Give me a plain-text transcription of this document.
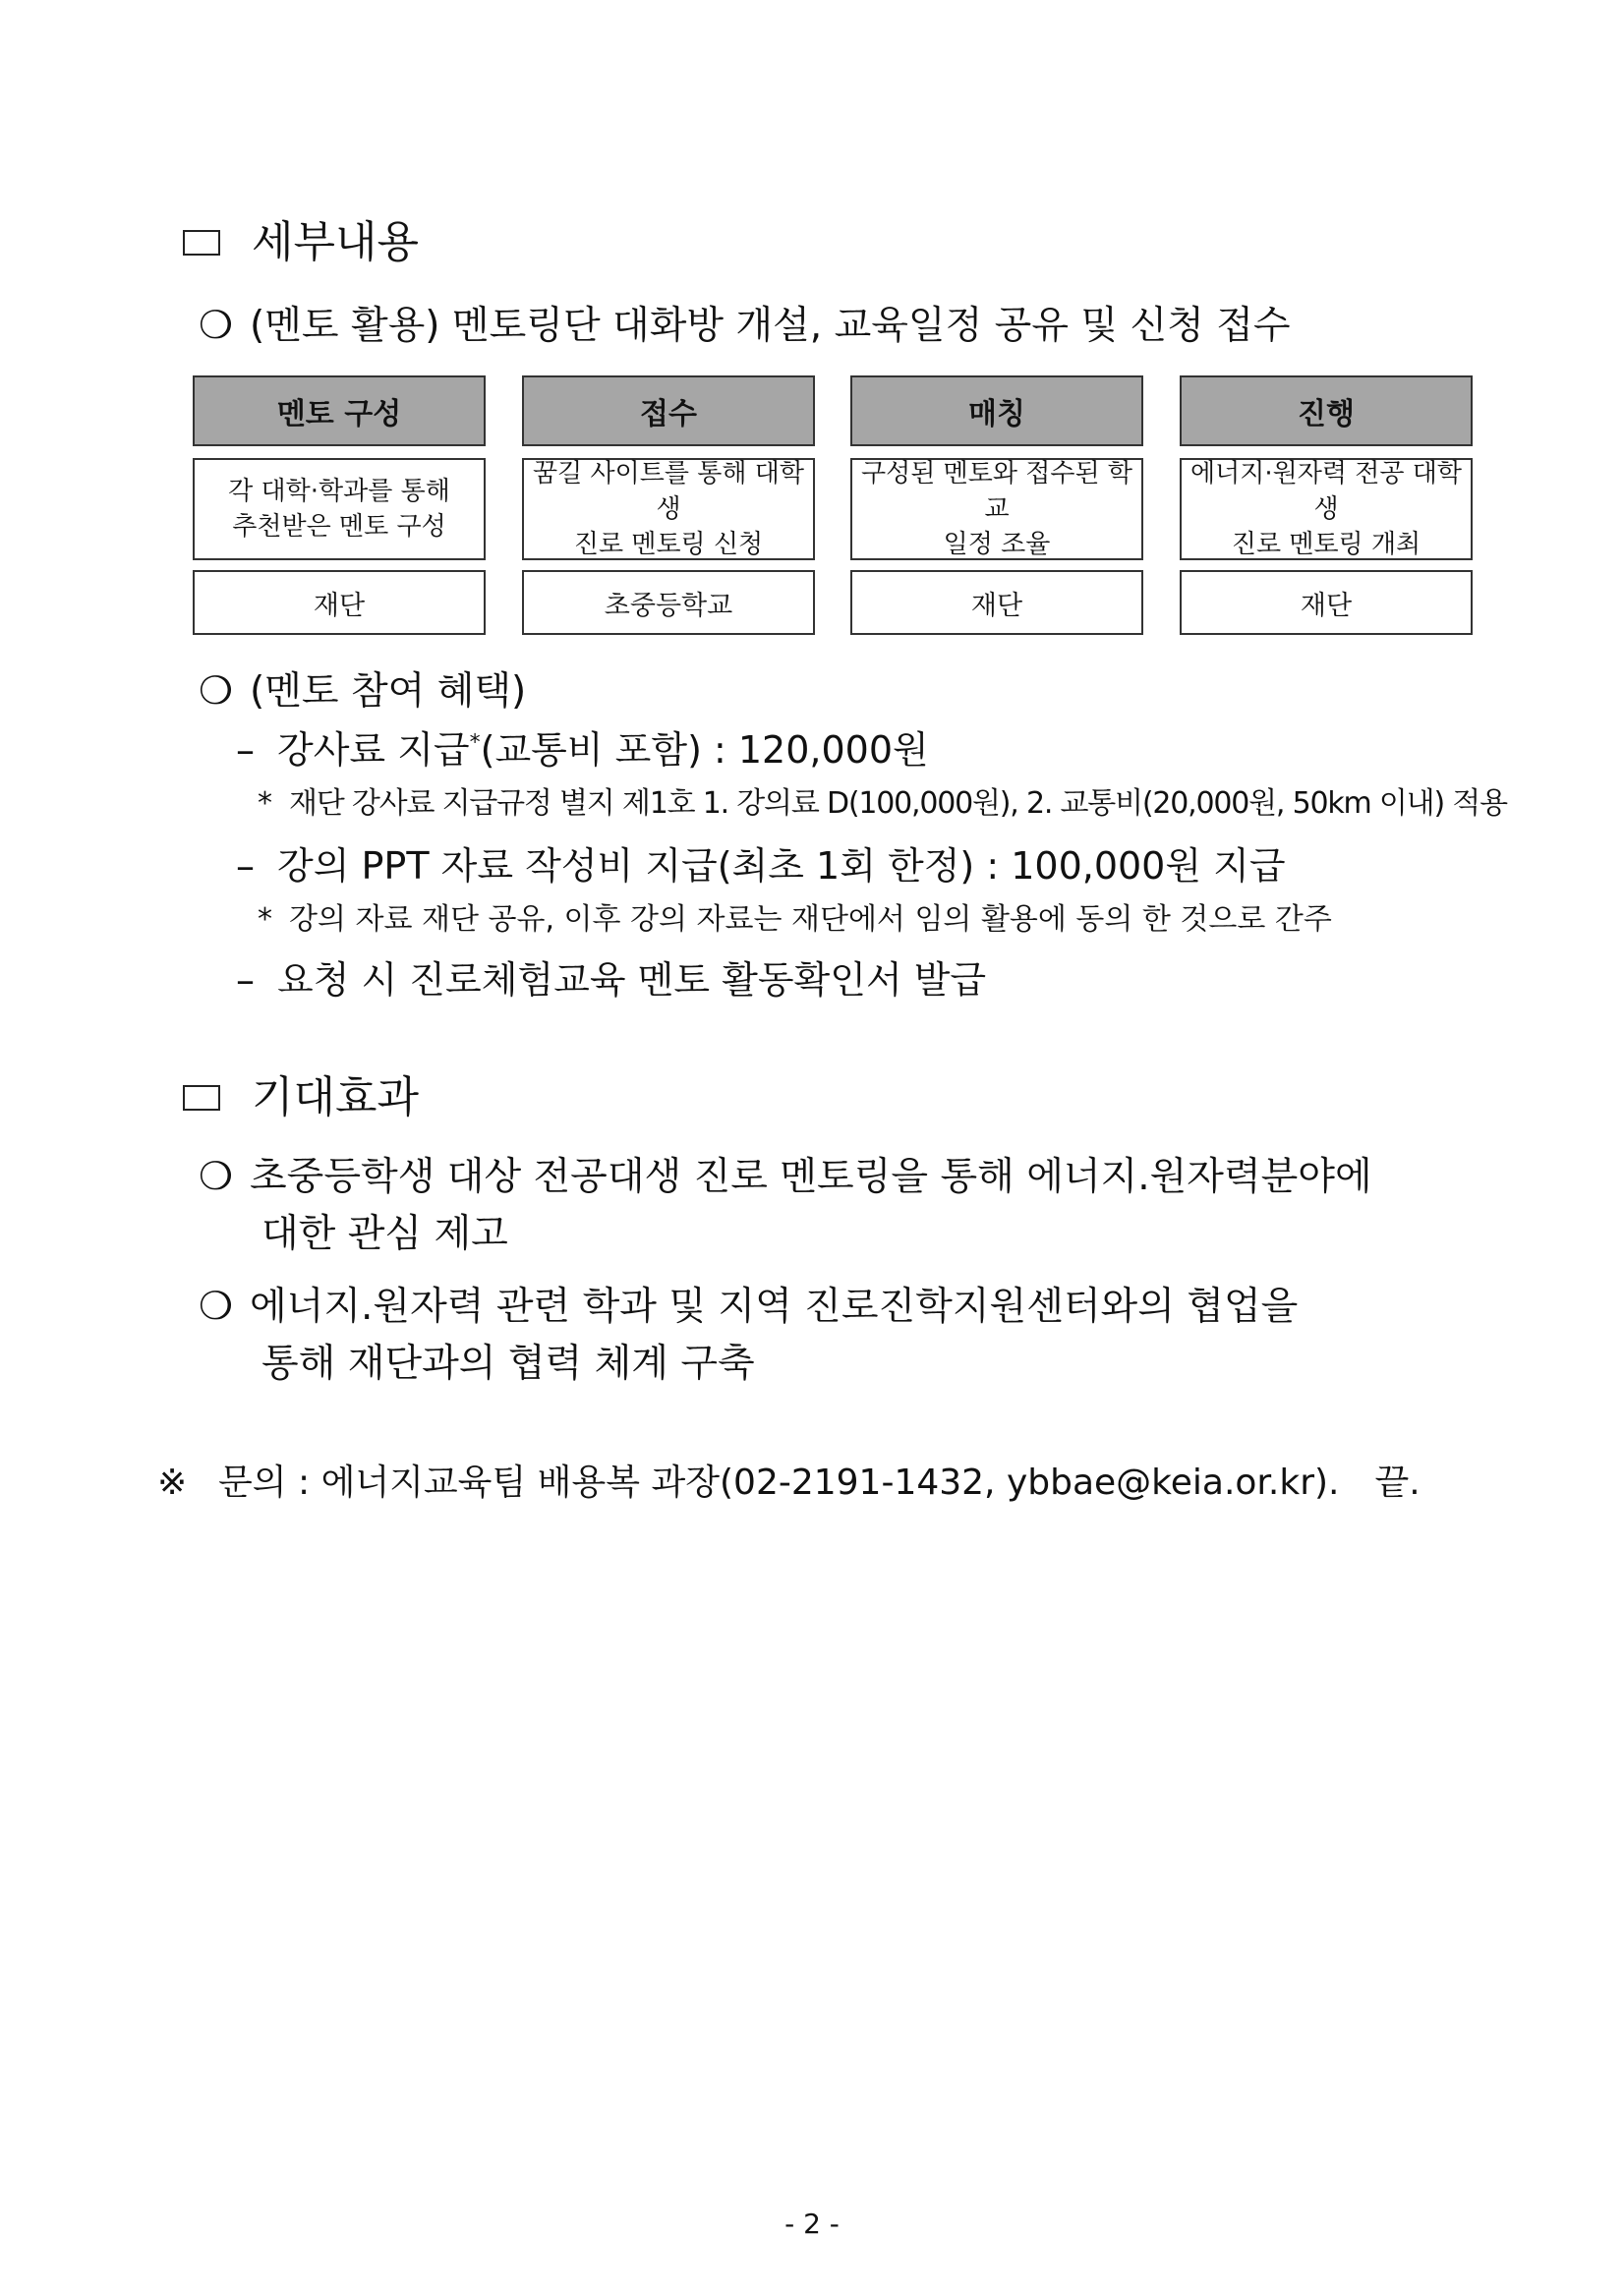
세부내용
❍ (멘토 활용) 멘토링단 대화방 개설, 교육일정 공유 및 신청 접수
멘토 구성
각 대학·학과를 통해
추천받은 멘토 구성
재단
접수
꿈길 사이트를 통해 대학생
진로 멘토링 신청
초중등학교
매칭
구성된 멘토와 접수된 학교
일정 조율
재단
진행
에너지·원자력 전공 대학생
진로 멘토링 개최
재단
❍ (멘토 참여 혜택)
– 강사료 지급*(교통비 포함) : 120,000원
* 재단 강사료 지급규정 별지 제1호 1. 강의료 D(100,000원), 2. 교통비(20,000원, 50km 이내) 적용
– 강의 PPT 자료 작성비 지급(최초 1회 한정) : 100,000원 지급
* 강의 자료 재단 공유, 이후 강의 자료는 재단에서 임의 활용에 동의 한 것으로 간주
– 요청 시 진로체험교육 멘토 활동확인서 발급
기대효과
❍ 초중등학생 대상 전공대생 진로 멘토링을 통해 에너지.원자력분야에
대한 관심 제고
❍ 에너지.원자력 관련 학과 및 지역 진로진학지원센터와의 협업을
통해 재단과의 협력 체계 구축
※ 문의 : 에너지교육팀 배용복 과장(02-2191-1432, ybbae@keia.or.kr). 끝.
- 2 -
